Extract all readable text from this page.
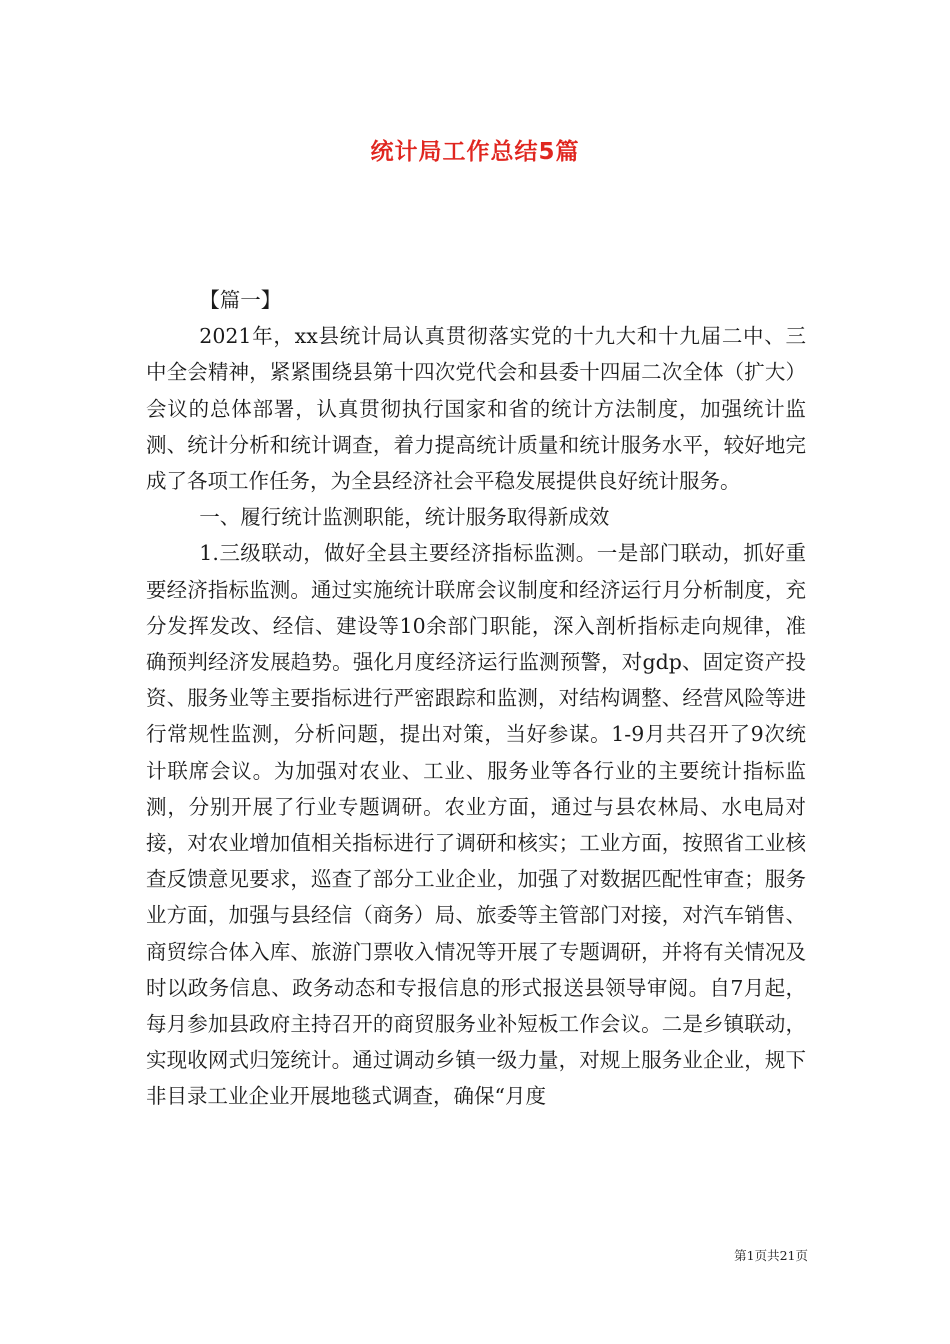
统计局工作总结5篇

【篇一】

2021年，xx县统计局认真贯彻落实党的十九大和十九届二中、三中全会精神，紧紧围绕县第十四次党代会和县委十四届二次全体（扩大）会议的总体部署，认真贯彻执行国家和省的统计方法制度，加强统计监测、统计分析和统计调查，着力提高统计质量和统计服务水平，较好地完成了各项工作任务，为全县经济社会平稳发展提供良好统计服务。

一、履行统计监测职能，统计服务取得新成效

1.三级联动，做好全县主要经济指标监测。一是部门联动，抓好重要经济指标监测。通过实施统计联席会议制度和经济运行月分析制度，充分发挥发改、经信、建设等10余部门职能，深入剖析指标走向规律，准确预判经济发展趋势。强化月度经济运行监测预警，对gdp、固定资产投资、服务业等主要指标进行严密跟踪和监测，对结构调整、经营风险等进行常规性监测，分析问题，提出对策，当好参谋。1-9月共召开了9次统计联席会议。为加强对农业、工业、服务业等各行业的主要统计指标监测，分别开展了行业专题调研。农业方面，通过与县农林局、水电局对接，对农业增加值相关指标进行了调研和核实；工业方面，按照省工业核查反馈意见要求，巡查了部分工业企业，加强了对数据匹配性审查；服务业方面，加强与县经信（商务）局、旅委等主管部门对接，对汽车销售、商贸综合体入库、旅游门票收入情况等开展了专题调研，并将有关情况及时以政务信息、政务动态和专报信息的形式报送县领导审阅。自7月起，每月参加县政府主持召开的商贸服务业补短板工作会议。二是乡镇联动，实现收网式归笼统计。通过调动乡镇一级力量，对规上服务业企业，规下非目录工业企业开展地毯式调查，确保“月度

第1页共21页
